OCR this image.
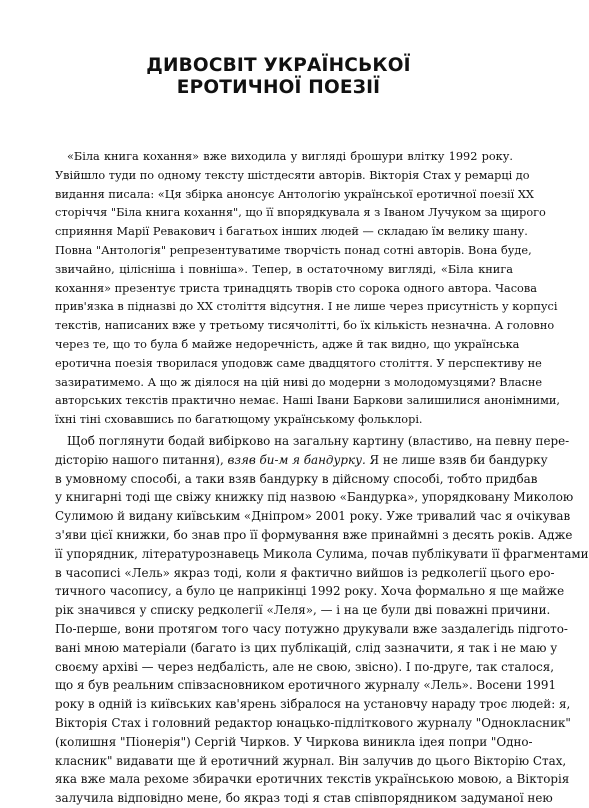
ДИВОСВІТ УКРАЇНСЬКОЇ
ЕРОТИЧНОЇ ПОЕЗІЇ
«Біла книга кохання» вже виходила у вигляді брошури влітку 1992 року.
Увійшло туди по одному тексту шістдесяти авторів. Вікторія Стах у ремарці до
видання писала: «Ця збірка анонсує Антологію української еротичної поезії XX
сторіччя "Біла книга кохання", що її впорядкувала я з Іваном Лучуком за щирого
сприяння Марії Ревакович і багатьох інших людей — складаю їм велику шану.
Повна "Антологія" репрезентуватиме творчість понад сотні авторів. Вона буде,
звичайно, цілісніша і повніша». Тепер, в остаточному вигляді, «Біла книга
кохання» презентує триста тринадцять творів сто сорока одного автора. Часова
прив'язка в підназві до XX століття відсутня. І не лише через присутність у корпусі
текстів, написаних вже у третьому тисячолітті, бо їх кількість незначна. А головно
через те, що то була б майже недоречність, адже й так видно, що українська
еротична поезія творилася уподовж саме двадцятого століття. У перспективу не
зазиратимемо. А що ж діялося на цій ниві до модерни з молодомузцями? Власне
авторських текстів практично немає. Наші Івани Баркови залишилися анонімними,
їхні тіні сховавшись по багатющому українському фольклорі.
Щоб поглянути бодай вибірково на загальну картину (властиво, на певну пере-
дісторію нашого питання), взяв би-м я бандурку. Я не лише взяв би бандурку
в умовному способі, а таки взяв бандурку в дійсному способі, тобто придбав
у книгарні тоді ще свіжу книжку під назвою «Бандурка», упорядковану Миколою
Сулимою й видану київським «Дніпром» 2001 року. Уже тривалий час я очікував
з'яви цієї книжки, бо знав про її формування вже принаймні з десять років. Адже
її упорядник, літературознавець Микола Сулима, почав публікувати її фрагментами
в часописі «Лель» якраз тоді, коли я фактично вийшов із редколегії цього еро-
тичного часопису, а було це наприкінці 1992 року. Хоча формально я ще майже
рік значився у списку редколегії «Леля», — і на це були дві поважні причини.
По-перше, вони протягом того часу потужно друкували вже заздалегідь підгото-
вані мною матеріали (багато із цих публікацій, слід зазначити, я так і не маю у
своєму архіві — через недбалість, але не свою, звісно). І по-друге, так сталося,
що я був реальним співзасновником еротичного журналу «Лель». Восени 1991
року в одній із київських кав'ярень зібралося на установчу нараду троє людей: я,
Вікторія Стах і головний редактор юнацько-підліткового журналу "Однокласник"
(колишня "Піонерія") Сергій Чирков. У Чиркова виникла ідея попри "Одно-
класник" видавати ще й еротичний журнал. Він залучив до цього Вікторію Стах,
яка вже мала рехоме збирачки еротичних текстів українською мовою, а Вікторія
залучила відповідно мене, бо якраз тоді я став співпорядником задуманої нею
